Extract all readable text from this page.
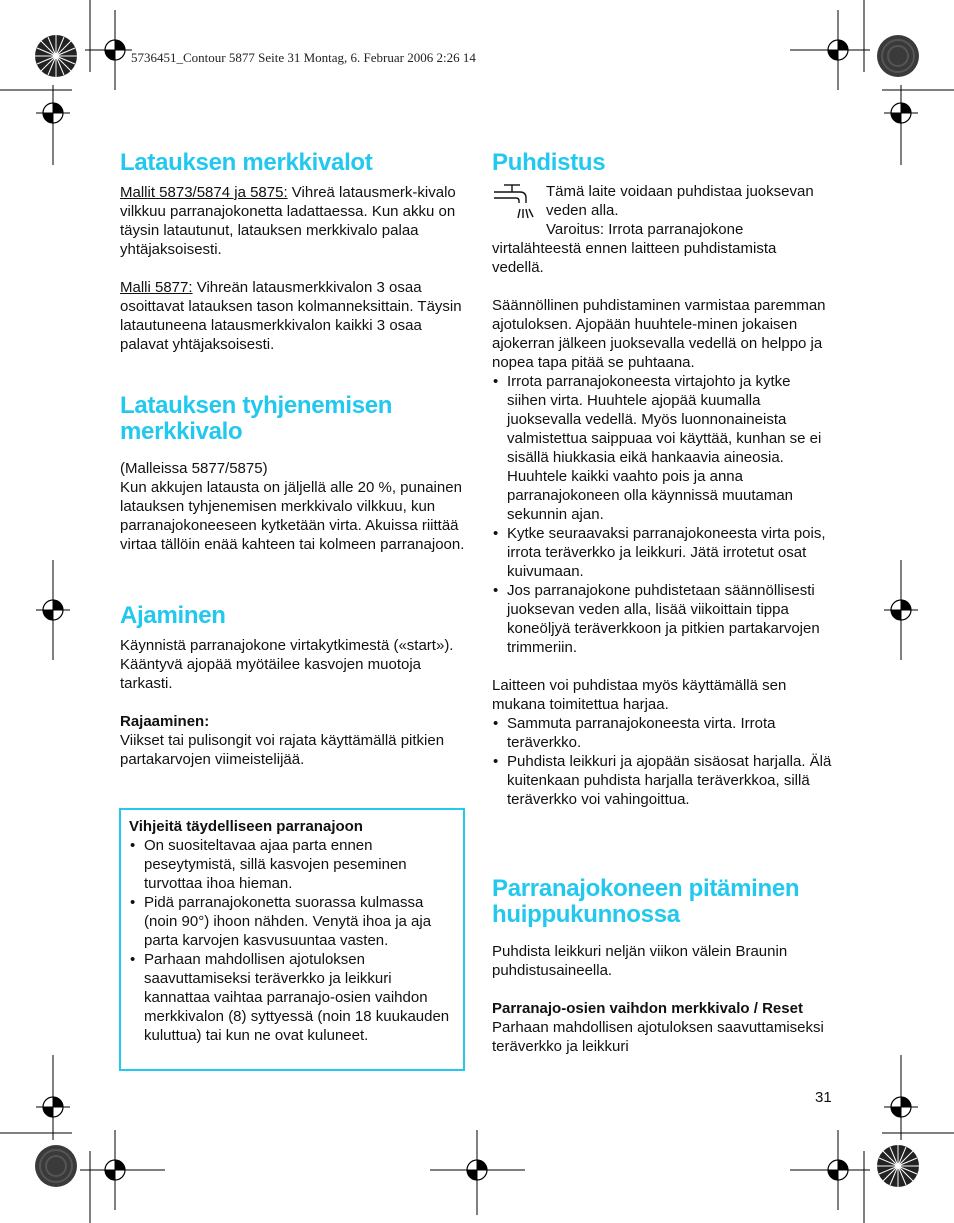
5736451_Contour 5877 Seite 31 Montag, 6. Februar 2006 2:26 14
Latauksen merkkivalot

Mallit 5873/5874 ja 5875: Vihreä latausmerk-kivalo vilkkuu parranajokonetta ladattaessa. Kun akku on täysin latautunut, latauksen merkkivalo palaa yhtäjaksoisesti.

Malli 5877: Vihreän latausmerkkivalon 3 osaa osoittavat latauksen tason kolmanneksittain. Täysin latautuneena latausmerkkivalon kaikki 3 osaa palavat yhtäjaksoisesti.

Latauksen tyhjenemisen merkkivalo

(Malleissa 5877/5875)

Kun akkujen latausta on jäljellä alle 20 %, punainen latauksen tyhjenemisen merkkivalo vilkkuu, kun parranajokoneeseen kytketään virta. Akuissa riittää virtaa tällöin enää kahteen tai kolmeen parranajoon.

Ajaminen

Käynnistä parranajokone virtakytkimestä («start»).

Kääntyvä ajopää myötäilee kasvojen muotoja tarkasti.

Rajaaminen:

Viikset tai pulisongit voi rajata käyttämällä pitkien partakarvojen viimeistelijää.

Vihjeitä täydelliseen parranajoon

• On suositeltavaa ajaa parta ennen peseytymistä, sillä kasvojen peseminen turvottaa ihoa hieman.
• Pidä parranajokonetta suorassa kulmassa (noin 90°) ihoon nähden. Venytä ihoa ja aja parta karvojen kasvusuuntaa vasten.
• Parhaan mahdollisen ajotuloksen saavuttamiseksi teräverkko ja leikkuri kannattaa vaihtaa parranajo-osien vaihdon merkkivalon (8) syttyessä (noin 18 kuukauden kuluttua) tai kun ne ovat kuluneet.
Puhdistus

Tämä laite voidaan puhdistaa juoksevan veden alla.

Varoitus: Irrota parranajokone virtalähteestä ennen laitteen puhdistamista vedellä.

Säännöllinen puhdistaminen varmistaa paremman ajotuloksen. Ajopään huuhtele-minen jokaisen ajokerran jälkeen juoksevalla vedellä on helppo ja nopea tapa pitää se puhtaana.

• Irrota parranajokoneesta virtajohto ja kytke siihen virta. Huuhtele ajopää kuumalla juoksevalla vedellä. Myös luonnonaineista valmistettua saippuaa voi käyttää, kunhan se ei sisällä hiukkasia eikä hankaavia aineosia. Huuhtele kaikki vaahto pois ja anna parranajokoneen olla käynnissä muutaman sekunnin ajan.
• Kytke seuraavaksi parranajokoneesta virta pois, irrota teräverkko ja leikkuri. Jätä irrotetut osat kuivumaan.
• Jos parranajokone puhdistetaan säännöllisesti juoksevan veden alla, lisää viikoittain tippa koneöljyä teräverkkoon ja pitkien partakarvojen trimmeriin.

Laitteen voi puhdistaa myös käyttämällä sen mukana toimitettua harjaa.

• Sammuta parranajokoneesta virta. Irrota teräverkko.
• Puhdista leikkuri ja ajopään sisäosat harjalla. Älä kuitenkaan puhdista harjalla teräverkkoa, sillä teräverkko voi vahingoittua.
Parranajokoneen pitäminen huippukunnossa

Puhdista leikkuri neljän viikon välein Braunin puhdistusaineella.

Parranajo-osien vaihdon merkkivalo / Reset

Parhaan mahdollisen ajotuloksen saavuttamiseksi teräverkko ja leikkuri

31
